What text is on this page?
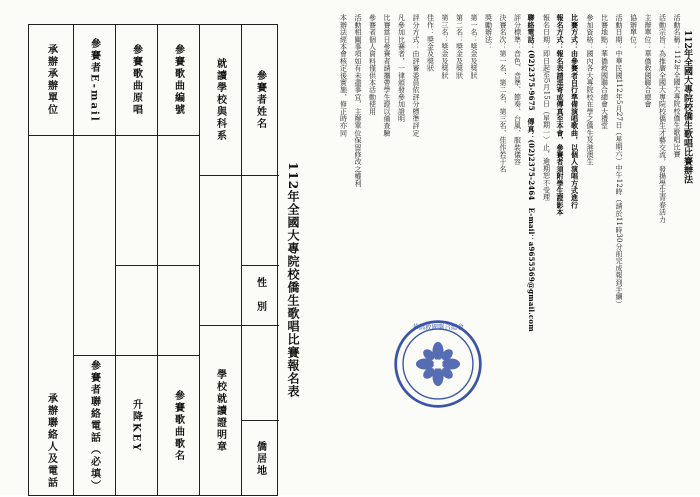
112年全國大專院校僑生歌唱比賽辦法
活動名稱：112年全國大專院校僑生歌唱比賽
活動宗旨：為推廣全國大專院校僑生才藝交流，發揚學生青春活力
主辦單位：華僑救國聯合總會
協辦單位：
活動日期：中華民國112年5月27日（星期六）中午12時（請於11時30分前完成報到手續）
比賽地點：華僑救國聯合總會大禮堂
參加資格：國內各大專院校在學之僑生及港澳生
比賽方式：由參賽者自行準備演唱歌曲，以個人演唱方式進行
報名方式：報名表請逕寄或傳真至本會，參賽者須附學生證影本
報名日期：即日起至5月15日（星期一）止，逾期恕不受理
聯絡電話：(02)2375-9675　傳真：(02)2375-2464　E-mail：a9655569@gmail.com
評分標準：音色、音準、節奏、台風、服裝儀容
決賽名次：第一名、第二名、第三名、佳作若干名
獎勵辦法：
第一名：獎金及獎狀
第二名：獎金及獎狀
第三名：獎金及獎狀
佳作：獎金及獎狀
評分方式：由評審委員依評分標準評定
凡參加比賽者，一律頒發參加證明
比賽當日參賽者請攜帶學生證以備查驗
參賽者個人資料僅供本活動使用
活動相關事項如有未盡事宜，主辦單位保留修改之權利
本辦法經本會核定後實施，修正時亦同
112年全國大專院校僑生歌唱比賽報名表
參賽者姓名
性　別
僑居地
就讀學校與科系
學校就讀證明章
參賽歌曲編號
參賽歌曲歌名
參賽歌曲原唱
升降KEY
參賽者E-mail
參賽者聯絡電話（必填）
承辦承辦單位
承辦聯絡人及電話
華僑救國聯合總會
